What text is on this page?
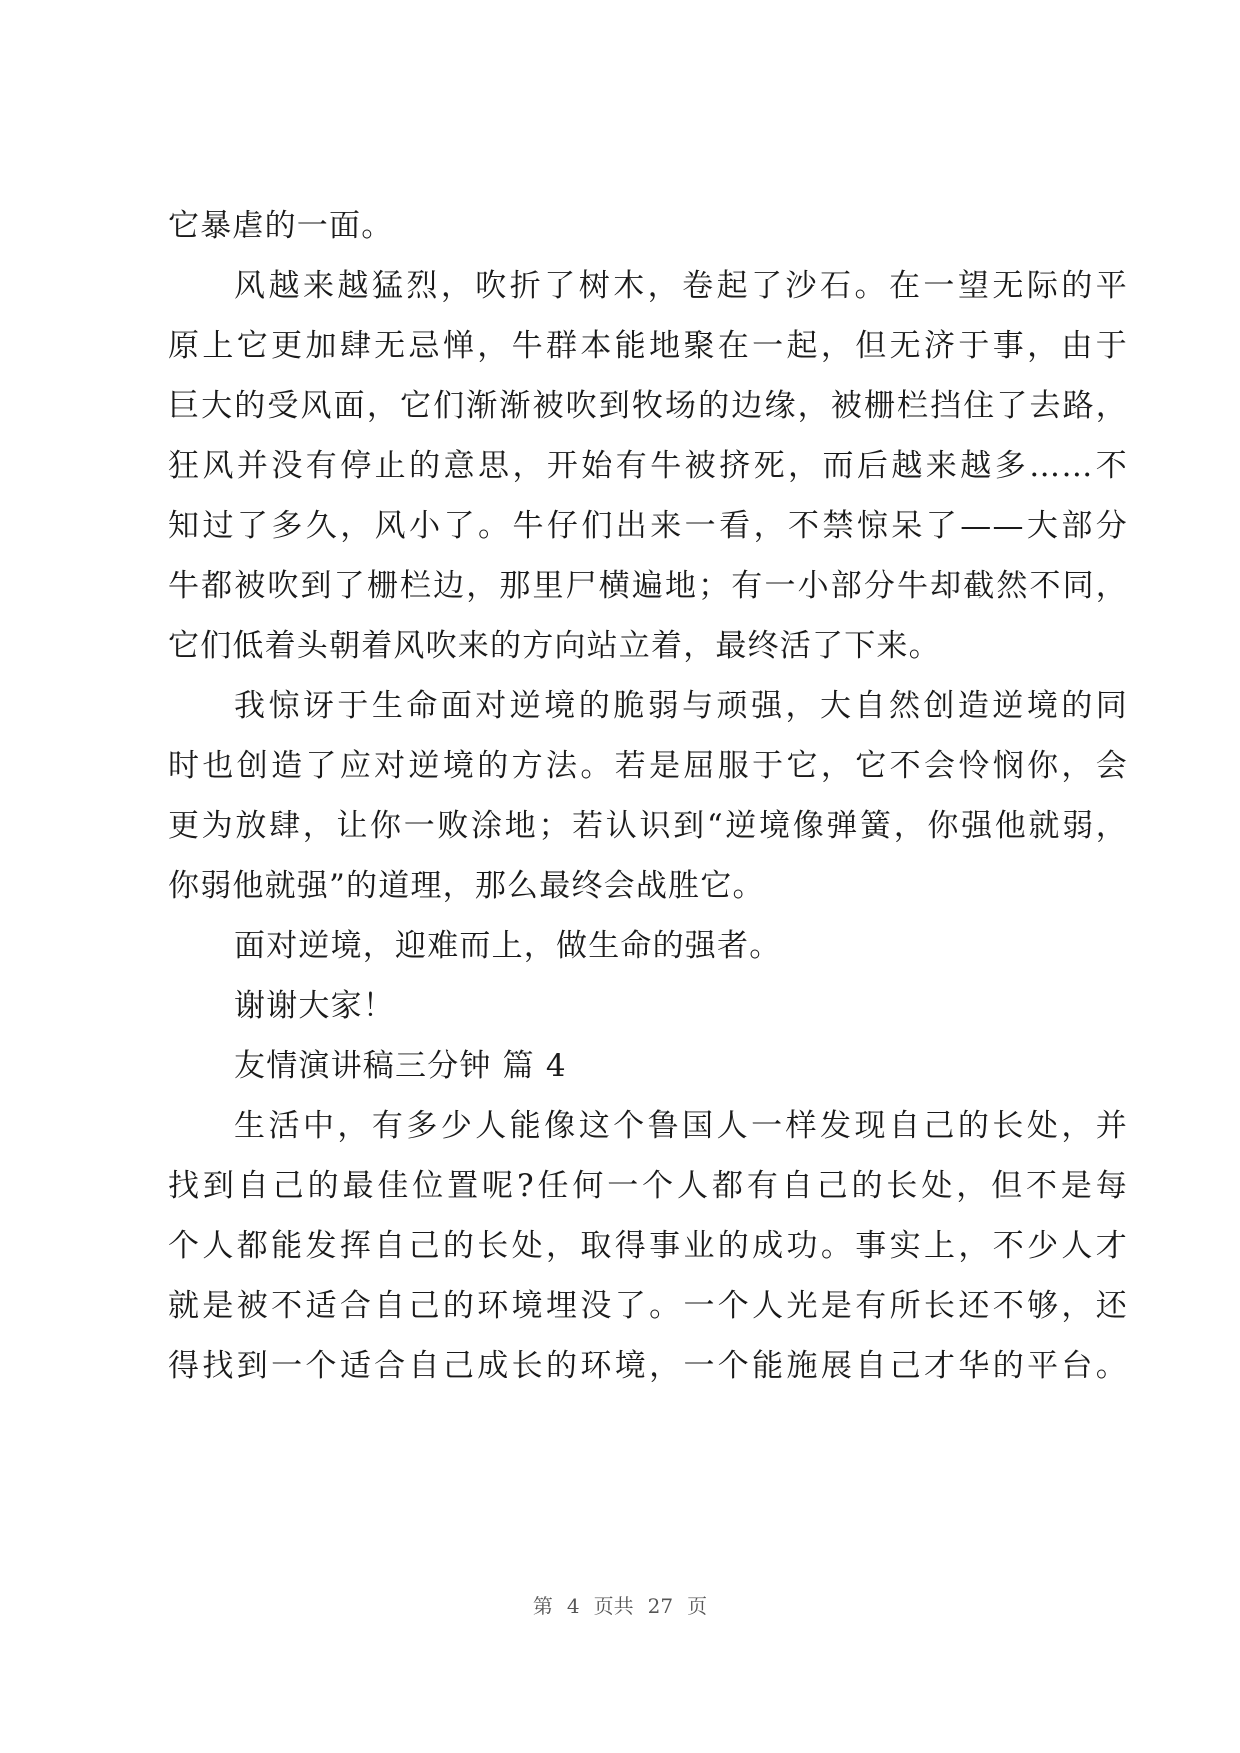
它暴虐的一面。
风越来越猛烈，吹折了树木，卷起了沙石。在一望无际的平
原上它更加肆无忌惮，牛群本能地聚在一起，但无济于事，由于
巨大的受风面，它们渐渐被吹到牧场的边缘，被栅栏挡住了去路，
狂风并没有停止的意思，开始有牛被挤死，而后越来越多……不
知过了多久，风小了。牛仔们出来一看，不禁惊呆了——大部分
牛都被吹到了栅栏边，那里尸横遍地；有一小部分牛却截然不同，
它们低着头朝着风吹来的方向站立着，最终活了下来。
我惊讶于生命面对逆境的脆弱与顽强，大自然创造逆境的同
时也创造了应对逆境的方法。若是屈服于它，它不会怜悯你，会
更为放肆，让你一败涂地；若认识到“逆境像弹簧，你强他就弱，
你弱他就强”的道理，那么最终会战胜它。
面对逆境，迎难而上，做生命的强者。
谢谢大家！
友情演讲稿三分钟 篇 4
生活中，有多少人能像这个鲁国人一样发现自己的长处，并
找到自己的最佳位置呢?任何一个人都有自己的长处，但不是每
个人都能发挥自己的长处，取得事业的成功。事实上，不少人才
就是被不适合自己的环境埋没了。一个人光是有所长还不够，还
得找到一个适合自己成长的环境，一个能施展自己才华的平台。
第 4 页共 27 页
